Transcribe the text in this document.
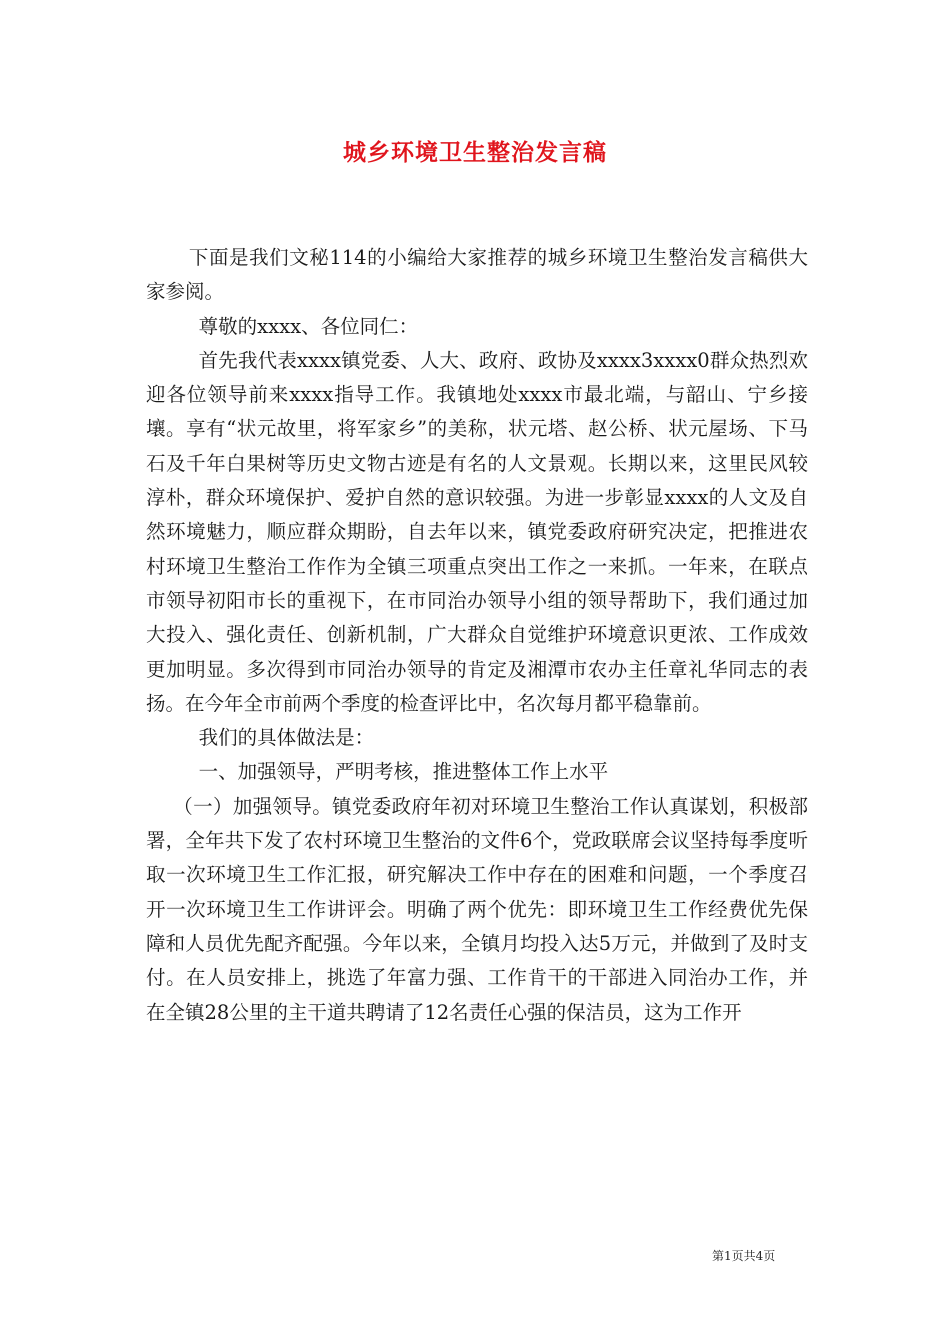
城乡环境卫生整治发言稿

下面是我们文秘114的小编给大家推荐的城乡环境卫生整治发言稿供大家参阅。

尊敬的xxxx、各位同仁：

首先我代表xxxx镇党委、人大、政府、政协及xxxx3xxxx0群众热烈欢迎各位领导前来xxxx指导工作。我镇地处xxxx市最北端，与韶山、宁乡接壤。享有“状元故里，将军家乡”的美称，状元塔、赵公桥、状元屋场、下马石及千年白果树等历史文物古迹是有名的人文景观。长期以来，这里民风较淳朴，群众环境保护、爱护自然的意识较强。为进一步彰显xxxx的人文及自然环境魅力，顺应群众期盼，自去年以来，镇党委政府研究决定，把推进农村环境卫生整治工作作为全镇三项重点突出工作之一来抓。一年来，在联点市领导初阳市长的重视下，在市同治办领导小组的领导帮助下，我们通过加大投入、强化责任、创新机制，广大群众自觉维护环境意识更浓、工作成效更加明显。多次得到市同治办领导的肯定及湘潭市农办主任章礼华同志的表扬。在今年全市前两个季度的检查评比中，名次每月都平稳靠前。

我们的具体做法是：

一、加强领导，严明考核，推进整体工作上水平

（一）加强领导。镇党委政府年初对环境卫生整治工作认真谋划，积极部署，全年共下发了农村环境卫生整治的文件6个，党政联席会议坚持每季度听取一次环境卫生工作汇报，研究解决工作中存在的困难和问题，一个季度召开一次环境卫生工作讲评会。明确了两个优先：即环境卫生工作经费优先保障和人员优先配齐配强。今年以来，全镇月均投入达5万元，并做到了及时支付。在人员安排上，挑选了年富力强、工作肯干的干部进入同治办工作，并在全镇28公里的主干道共聘请了12名责任心强的保洁员，这为工作开

第1页共4页
